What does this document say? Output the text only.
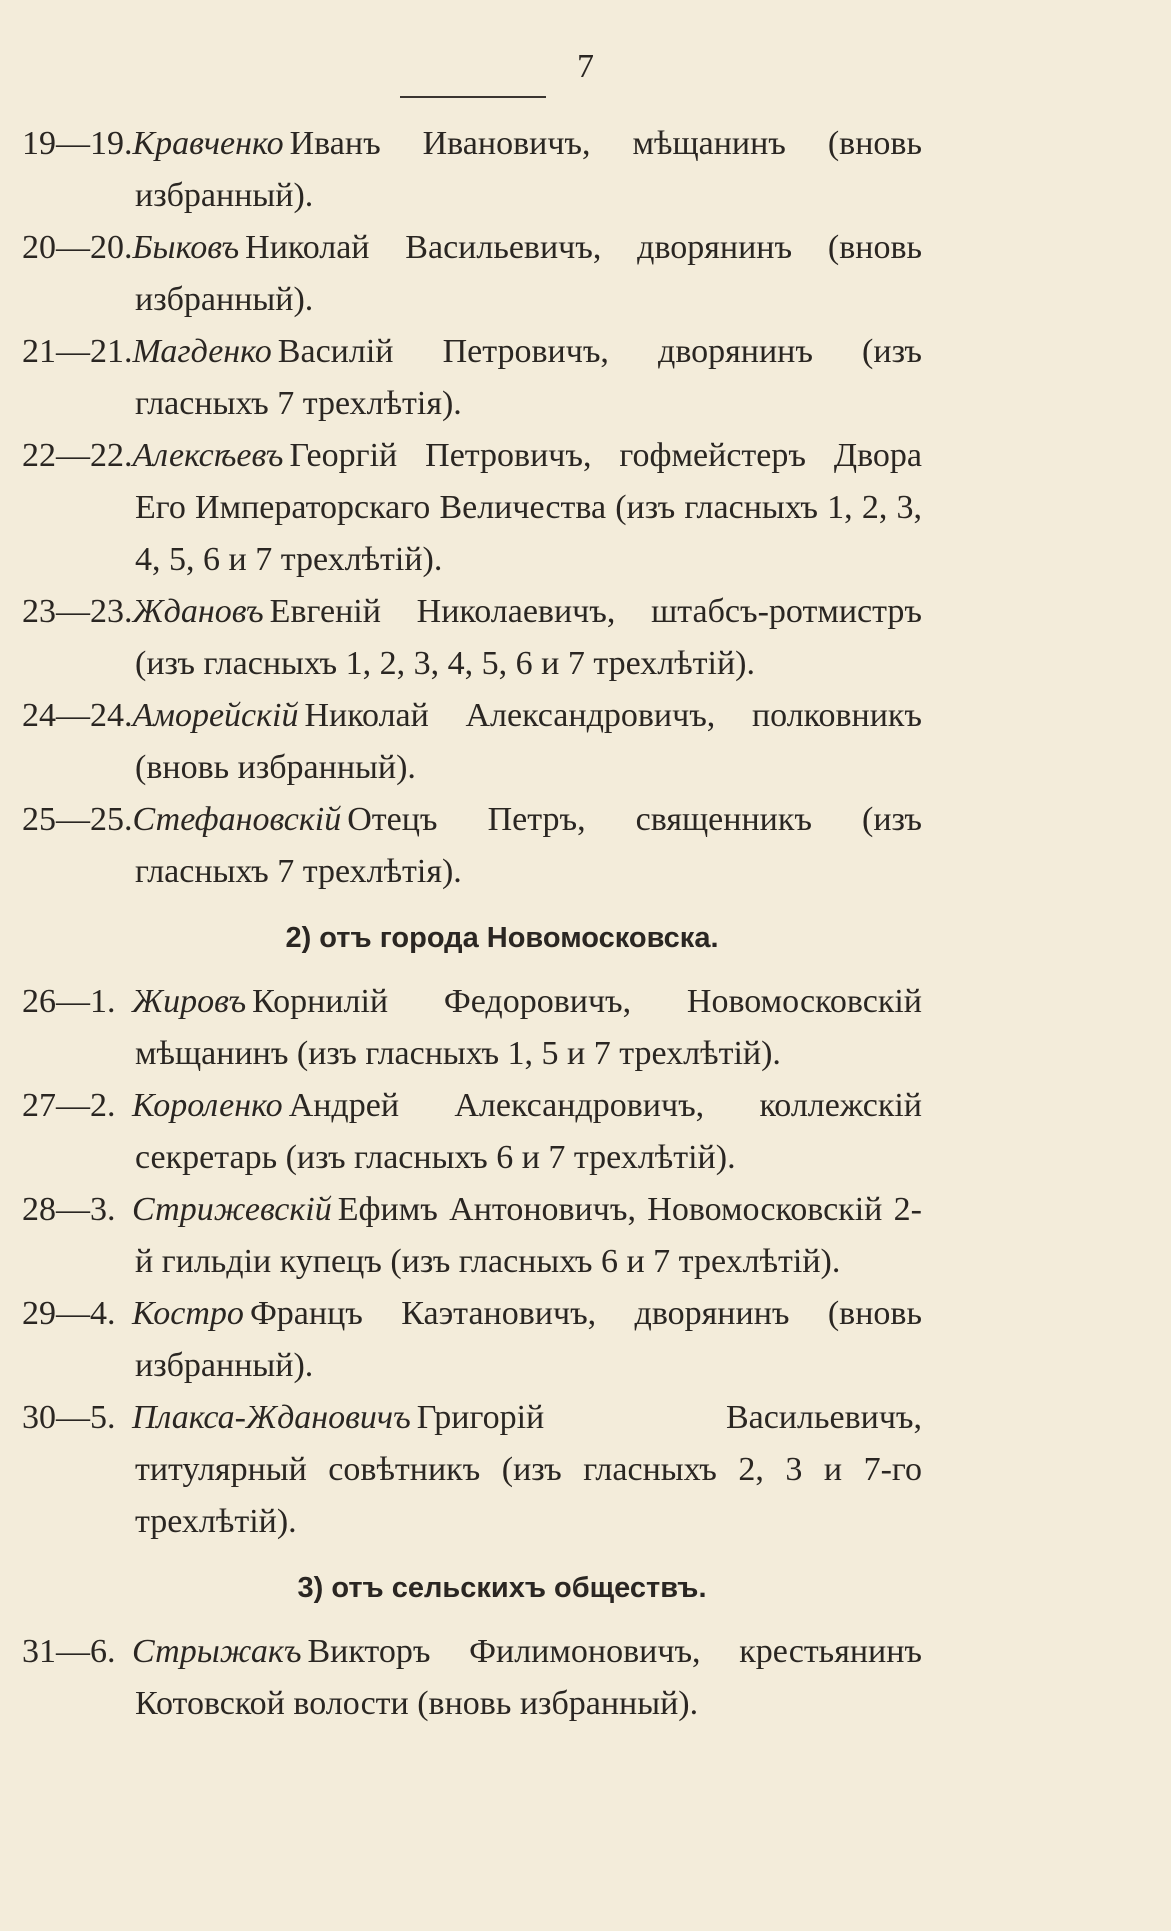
7

19—19.Кравченко Иванъ Ивановичъ, мѣщанинъ (вновь избранный).

20—20.Быковъ Николай Васильевичъ, дворянинъ (вновь избранный).

21—21.Магденко Василій Петровичъ, дворянинъ (изъ гласныхъ 7 трехлѣтія).

22—22.Алексѣевъ Георгій Петровичъ, гофмейстеръ Двора Его Императорскаго Величества (изъ гласныхъ 1, 2, 3, 4, 5, 6 и 7 трехлѣтій).

23—23.Ждановъ Евгеній Николаевичъ, штабсъ-ротмистръ (изъ гласныхъ 1, 2, 3, 4, 5, 6 и 7 трехлѣтій).

24—24.Аморейскій Николай Александровичъ, полковникъ (вновь избранный).

25—25.Стефановскій Отецъ Петръ, священникъ (изъ гласныхъ 7 трехлѣтія).

2) отъ города Новомосковска.

26—1. Жировъ Корнилій Федоровичъ, Новомосковскій мѣщанинъ (изъ гласныхъ 1, 5 и 7 трехлѣтій).

27—2. Короленко Андрей Александровичъ, коллежскій секретарь (изъ гласныхъ 6 и 7 трехлѣтій).

28—3. Стрижевскій Ефимъ Антоновичъ, Новомосковскій 2-й гильдіи купецъ (изъ гласныхъ 6 и 7 трехлѣтій).

29—4. Костро Францъ Каэтановичъ, дворянинъ (вновь избранный).

30—5. Плакса-Ждановичъ Григорій Васильевичъ, титулярный совѣтникъ (изъ гласныхъ 2, 3 и 7-го трехлѣтій).

3) отъ сельскихъ обществъ.

31—6. Стрыжакъ Викторъ Филимоновичъ, крестьянинъ Котовской волости (вновь избранный).
